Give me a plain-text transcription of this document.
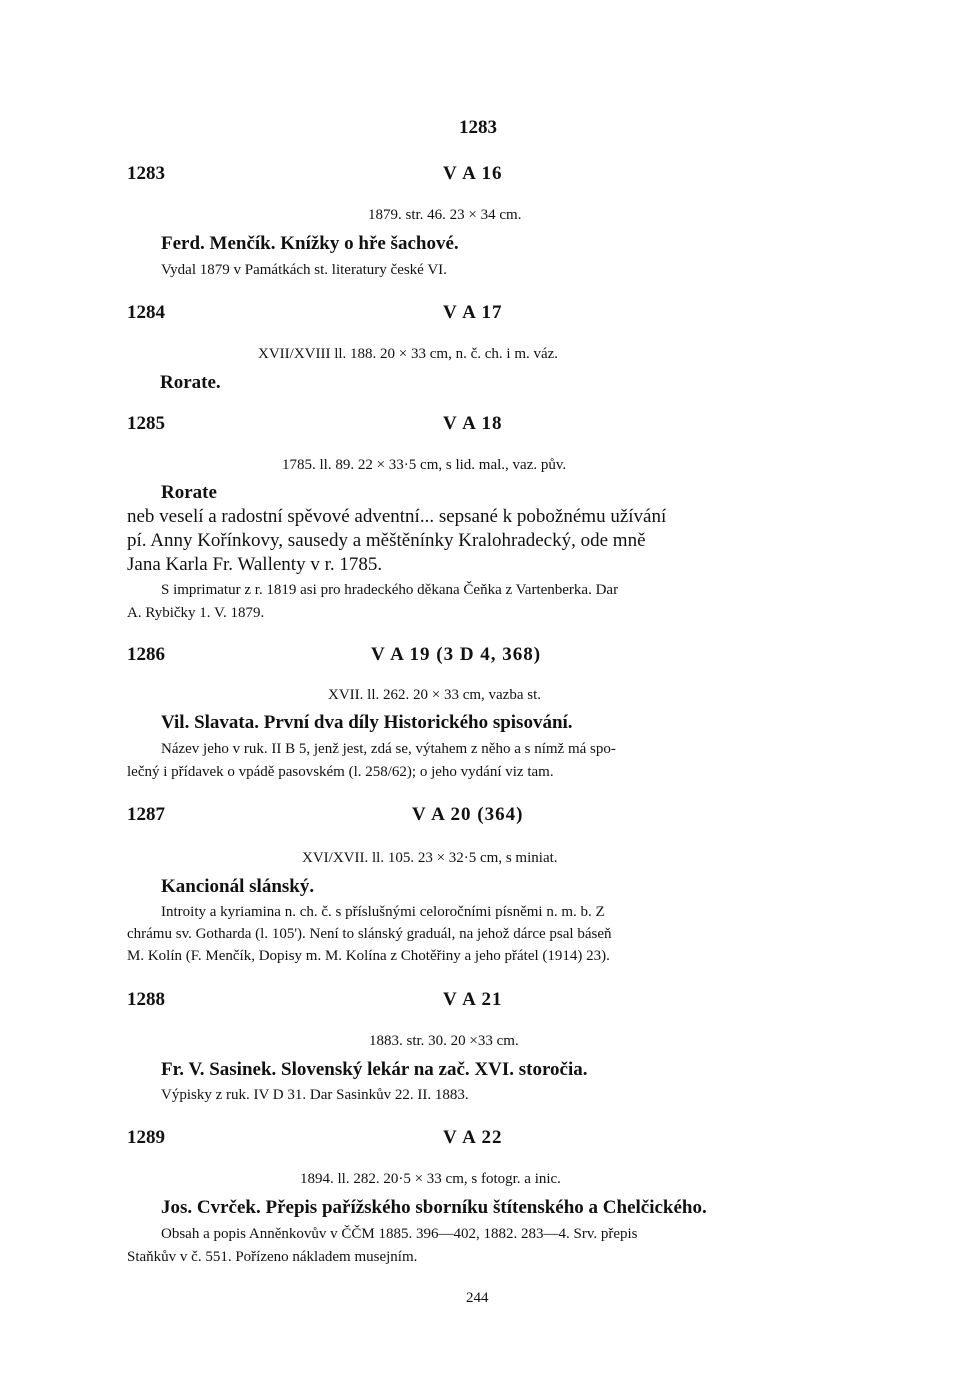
1283
1283	V A 16
1879. str. 46. 23 × 34 cm.
Ferd. Menčík. Knížky o hře šachové.
Vydal 1879 v Památkách st. literatury české VI.
1284	V A 17
XVII/XVIII ll. 188. 20 × 33 cm, n. č. ch. i m. váz.
Rorate.
1285	V A 18
1785. ll. 89. 22 × 33·5 cm, s lid. mal., vaz. pův.
Rorate
neb veselí a radostní spěvové adventní... sepsané k pobožnému užívání
pí. Anny Kořínkovy, sausedy a měštěnínky Kralohradecký, ode mně
Jana Karla Fr. Wallenty v r. 1785.
S imprimatur z r. 1819 asi pro hradeckého děkana Čeňka z Vartenberka. Dar
A. Rybičky 1. V. 1879.
1286	V A 19 (3 D 4, 368)
XVII. ll. 262. 20 × 33 cm, vazba st.
Vil. Slavata. První dva díly Historického spisování.
Název jeho v ruk. II B 5, jenž jest, zdá se, výtahem z něho a s nímž má spo-
lečný i přídavek o vpádě pasovském (l. 258/62); o jeho vydání viz tam.
1287	V A 20 (364)
XVI/XVII. ll. 105. 23 × 32·5 cm, s miniat.
Kancionál slánský.
Introity a kyriamina n. ch. č. s příslušnými celoročními písněmi n. m. b. Z
chrámu sv. Gotharda (l. 105'). Není to slánský graduál, na jehož dárce psal báseň
M. Kolín (F. Menčík, Dopisy m. M. Kolína z Chotěřiny a jeho přátel (1914) 23).
1288	V A 21
1883. str. 30. 20 ×33 cm.
Fr. V. Sasinek. Slovenský lekár na zač. XVI. storočia.
Výpisky z ruk. IV D 31. Dar Sasinkův 22. II. 1883.
1289	V A 22
1894. ll. 282. 20·5 × 33 cm, s fotogr. a inic.
Jos. Cvrček. Přepis pařížského sborníku štítenského a Chelčického.
Obsah a popis Anněnkovův v ČČM 1885. 396—402, 1882. 283—4. Srv. přepis
Staňkův v č. 551. Pořízeno nákladem musejním.
244
